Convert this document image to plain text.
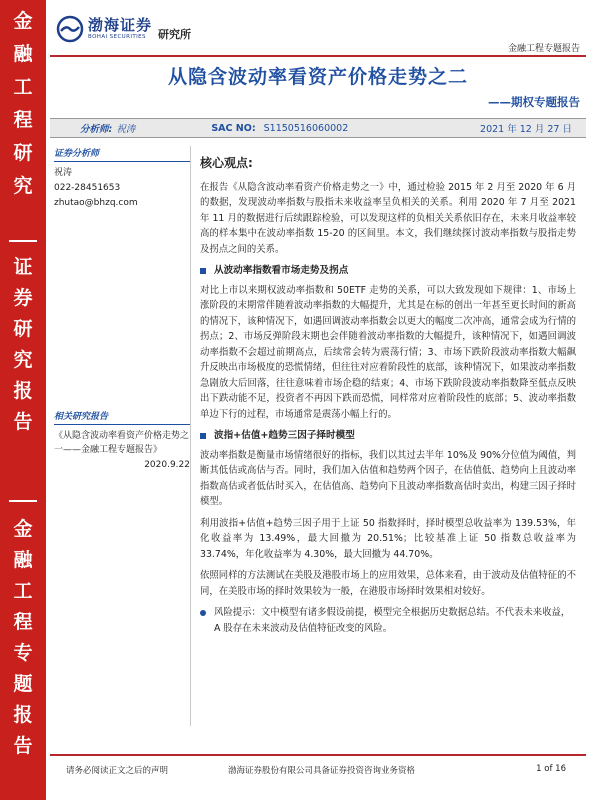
金
融
工
程
研
究
证
券
研
究
报
告
金
融
工
程
专
题
报
告
渤海证券
BOHAI SECURITIES	研究所
金融工程专题报告
从隐含波动率看资产价格走势之二
——期权专题报告
分析师: 祝涛	SAC NO: S1150516060002	2021 年 12 月 27 日
证券分析师
祝涛
022-28451653
zhutao@bhzq.com
相关研究报告
《从隐含波动率看资产价格走势之一——金融工程专题报告》
2020.9.22
核心观点:

在报告《从隐含波动率看资产价格走势之一》中，通过检验 2015 年 2 月至 2020 年 6 月的数据，发现波动率指数与股指未来收益率呈负相关的关系。利用 2020 年 7 月至 2021 年 11 月的数据进行后续跟踪检验，可以发现这样的负相关关系依旧存在，未来月收益率较高的样本集中在波动率指数 15-20 的区间里。本文，我们继续探讨波动率指数与股指走势及拐点之间的关系。

从波动率指数看市场走势及拐点

对比上市以来期权波动率指数和 50ETF 走势的关系，可以大致发现如下规律：1、市场上涨阶段的末期常伴随着波动率指数的大幅提升，尤其是在标的创出一年甚至更长时间的新高的情况下，该种情况下，如遇回调波动率指数会以更大的幅度二次冲高，通常会成为行情的拐点；2、市场反弹阶段末期也会伴随着波动率指数的大幅提升，该种情况下，如遇回调波动率指数不会超过前期高点，后续常会转为震荡行情；3、市场下跌阶段波动率指数大幅飙升反映出市场极度的恐慌情绪，但往往对应着阶段性的底部，该种情况下，如果波动率指数急剧放大后回落，往往意味着市场企稳的结束；4、市场下跌阶段波动率指数降至低点反映出下跌动能不足，投资者不再因下跌而恐慌，同样常对应着阶段性的底部；5、波动率指数单边下行的过程，市场通常是震荡小幅上行的。

波指+估值+趋势三因子择时模型

波动率指数是衡量市场情绪很好的指标，我们以其过去半年 10%及 90%分位值为阈值，判断其低估或高估与否。同时，我们加入估值和趋势两个因子，在估值低、趋势向上且波动率指数高估或者低估时买入，在估值高、趋势向下且波动率指数高估时卖出，构建三因子择时模型。

利用波指+估值+趋势三因子用于上证 50 指数择时，择时模型总收益率为 139.53%，年化收益率为 13.49%，最大回撤为 20.51%；比较基准上证 50 指数总收益率为 33.74%，年化收益率为 4.30%，最大回撤为 44.70%。

依照同样的方法测试在美股及港股市场上的应用效果，总体来看，由于波动及估值特征的不同，在美股市场的择时效果较为一般，在港股市场择时效果相对较好。

风险提示：文中模型有诸多假设前提，模型完全根据历史数据总结。不代表未来收益，A 股存在未来波动及估值特征改变的风险。
请务必阅读正文之后的声明	渤海证券股份有限公司具备证券投资咨询业务资格	1 of 16
